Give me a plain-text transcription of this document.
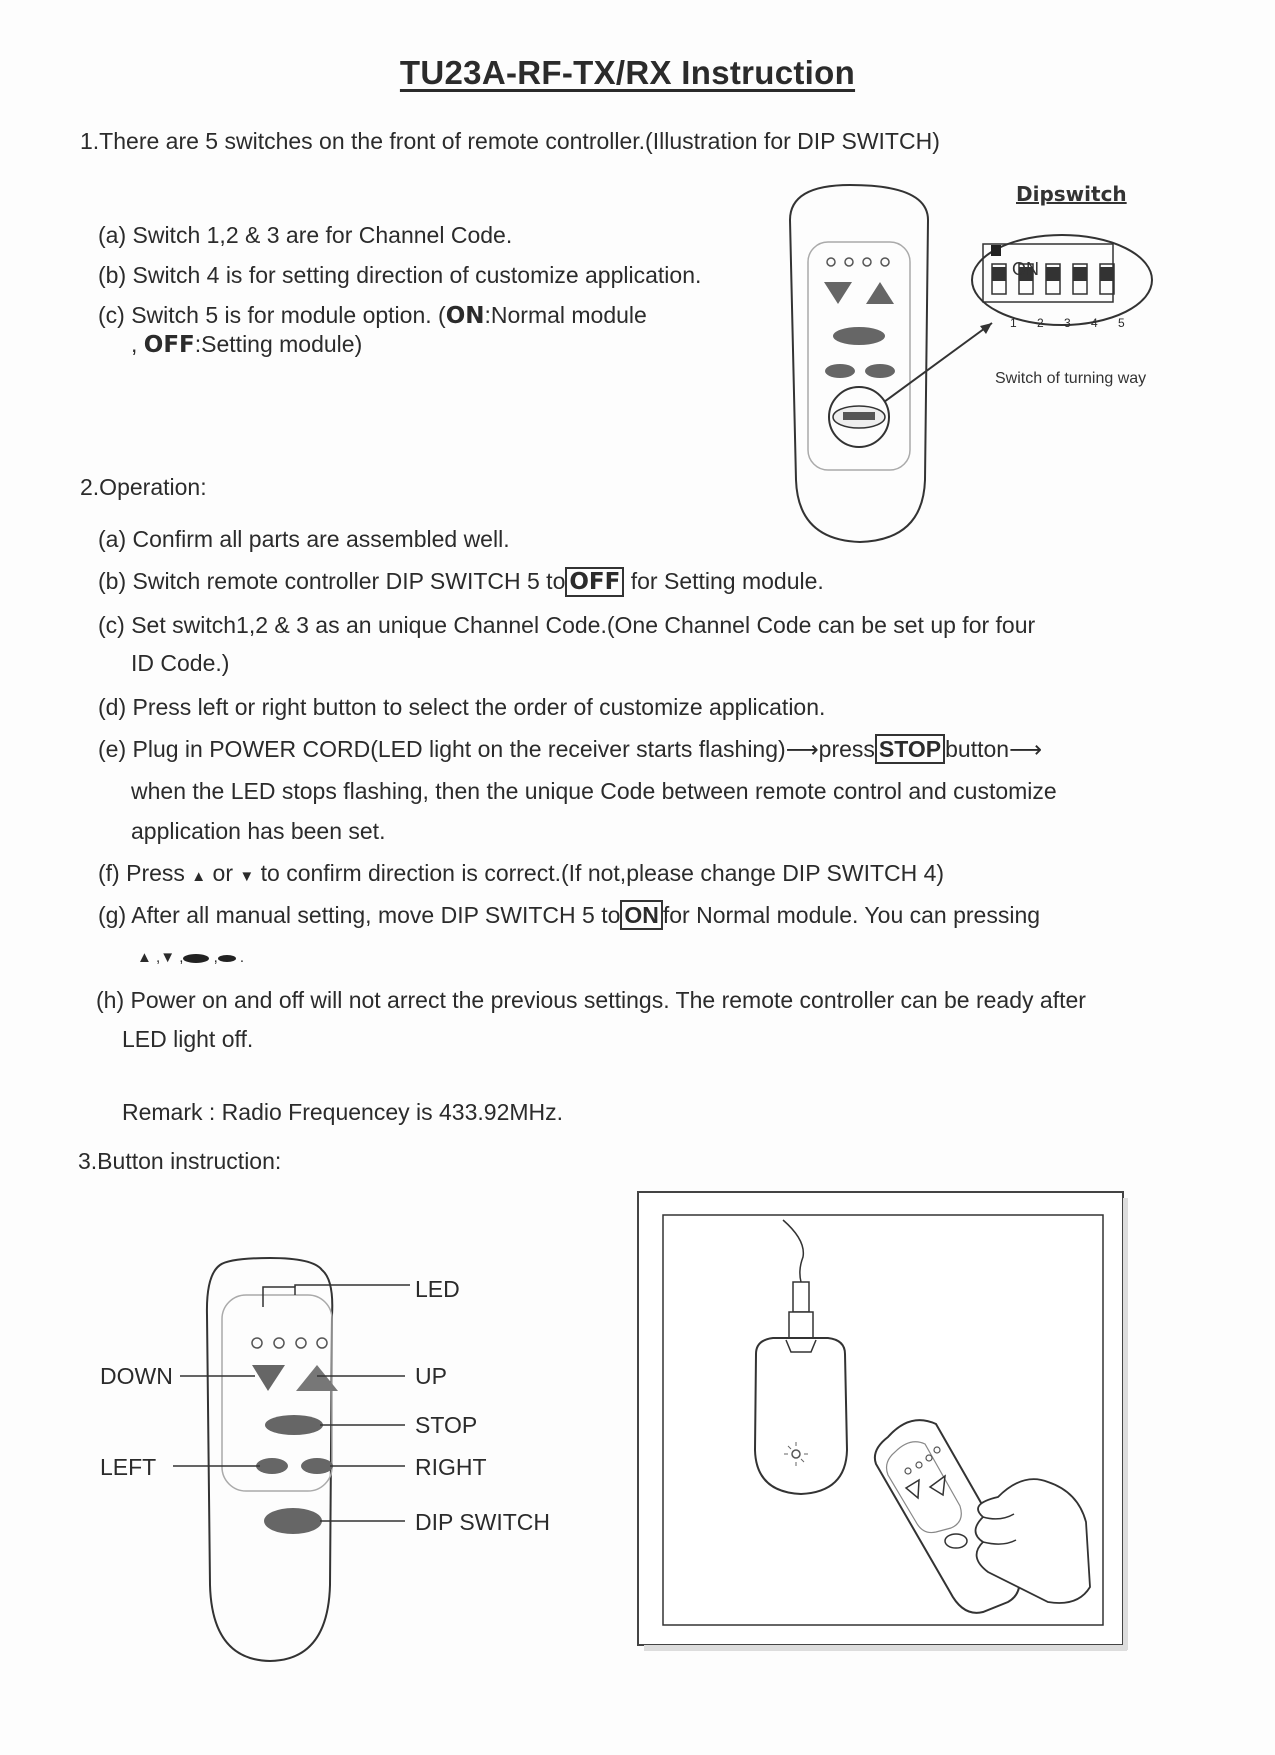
TU23A-RF-TX/RX Instruction
1.There are 5 switches on the front of remote controller.(Illustration for DIP SWITCH)
(a) Switch 1,2 & 3 are for Channel Code.
(b) Switch 4 is for setting direction of customize application.
(c) Switch 5 is for module option. (ON:Normal module
, OFF:Setting module)
Dipswitch
ON
1 2 3 4 5
Switch of turning way
2.Operation:
(a) Confirm all parts are assembled well.
(b) Switch remote controller DIP SWITCH 5 to OFF for Setting module.
(c) Set switch1,2 & 3 as an unique Channel Code.(One Channel Code can be set up for four
ID Code.)
(d) Press left or right button to select the order of customize application.
(e) Plug in POWER CORD(LED light on the receiver starts flashing)⟶press STOP button⟶
when the LED stops flashing, then the unique Code between remote control and customize
application has been set.
(f) Press ▲ or ▼ to confirm direction is correct.(If not,please change DIP SWITCH 4)
(g) After all manual setting, move DIP SWITCH 5 to ON for Normal module. You can pressing
▲ ,▼ , , .
(h) Power on and off will not arrect the previous settings. The remote controller can be ready after
LED light off.
Remark : Radio Frequencey is 433.92MHz.
3.Button instruction:
LED
DOWN	UP
STOP
LEFT	RIGHT
DIP SWITCH
